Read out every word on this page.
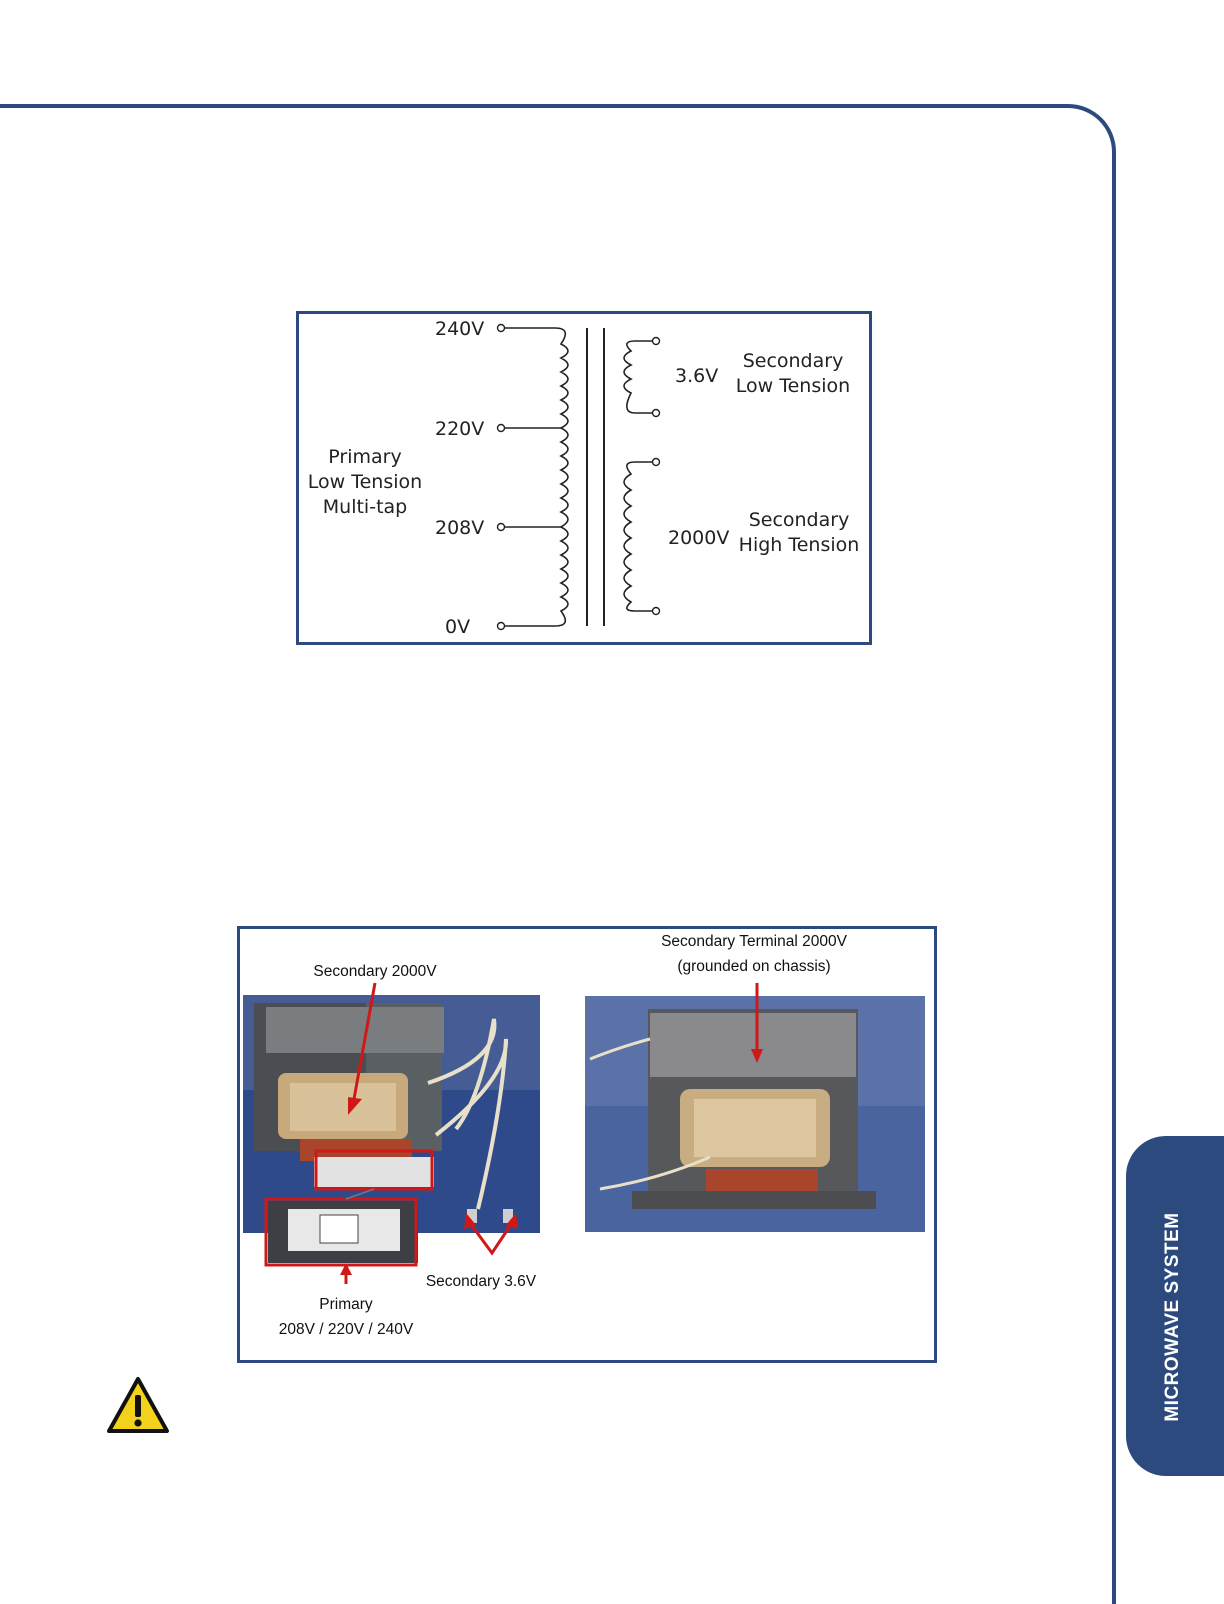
MICROWAVE SYSTEM
240V
220V
208V
0V
Primary
Low Tension
Multi-tap
3.6V
Secondary
Low Tension
2000V
Secondary
High Tension
Secondary 2000V
Primary
208V / 220V / 240V
Secondary 3.6V
Secondary Terminal 2000V
(grounded on chassis)
